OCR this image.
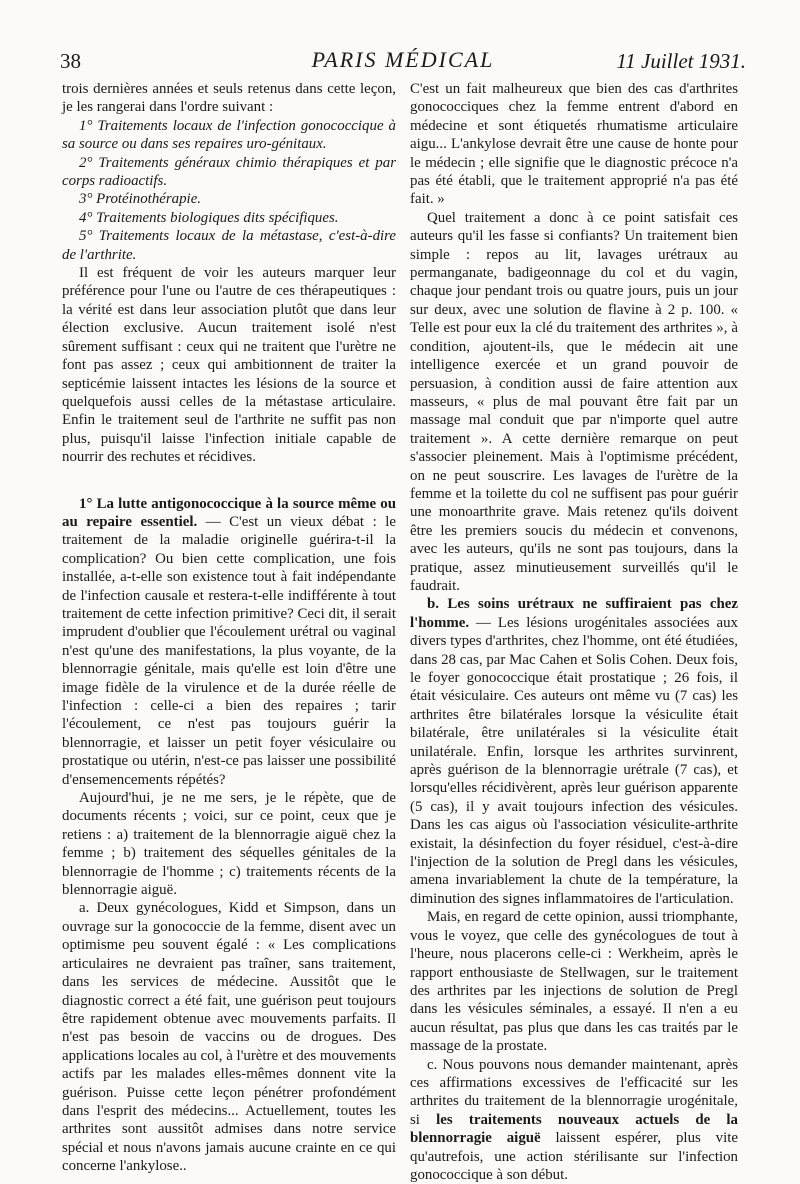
38	PARIS MÉDICAL	11 Juillet 1931.

trois dernières années et seuls retenus dans cette leçon, je les rangerai dans l'ordre suivant :

1° Traitements locaux de l'infection gonococcique à sa source ou dans ses repaires uro-génitaux.

2° Traitements généraux chimio thérapiques et par corps radioactifs.

3° Protéinothérapie.

4° Traitements biologiques dits spécifiques.

5° Traitements locaux de la métastase, c'est-à-dire de l'arthrite.

Il est fréquent de voir les auteurs marquer leur préférence pour l'une ou l'autre de ces thérapeutiques : la vérité est dans leur association plutôt que dans leur élection exclusive. Aucun traitement isolé n'est sûrement suffisant : ceux qui ne traitent que l'urètre ne font pas assez ; ceux qui ambitionnent de traiter la septicémie laissent intactes les lésions de la source et quelquefois aussi celles de la métastase articulaire. Enfin le traitement seul de l'arthrite ne suffit pas non plus, puisqu'il laisse l'infection initiale capable de nourrir des rechutes et récidives.

1° La lutte antigonococcique à la source même ou au repaire essentiel. — C'est un vieux débat : le traitement de la maladie originelle guérira-t-il la complication? Ou bien cette complication, une fois installée, a-t-elle son existence tout à fait indépendante de l'infection causale et restera-t-elle indifférente à tout traitement de cette infection primitive? Ceci dit, il serait imprudent d'oublier que l'écoulement urétral ou vaginal n'est qu'une des manifestations, la plus voyante, de la blennorragie génitale, mais qu'elle est loin d'être une image fidèle de la virulence et de la durée réelle de l'infection : celle-ci a bien des repaires ; tarir l'écoulement, ce n'est pas toujours guérir la blennorragie, et laisser un petit foyer vésiculaire ou prostatique ou utérin, n'est-ce pas laisser une possibilité d'ensemencements répétés?

Aujourd'hui, je ne me sers, je le répète, que de documents récents ; voici, sur ce point, ceux que je retiens : a) traitement de la blennorragie aiguë chez la femme ; b) traitement des séquelles génitales de la blennorragie de l'homme ; c) traitements récents de la blennorragie aiguë.

a. Deux gynécologues, Kidd et Simpson, dans un ouvrage sur la gonococcie de la femme, disent avec un optimisme peu souvent égalé : « Les complications articulaires ne devraient pas traîner, sans traitement, dans les services de médecine. Aussitôt que le diagnostic correct a été fait, une guérison peut toujours être rapidement obtenue avec mouvements parfaits. Il n'est pas besoin de vaccins ou de drogues. Des applications locales au col, à l'urètre et des mouvements actifs par les malades elles-mêmes donnent vite la guérison. Puisse cette leçon pénétrer profondément dans l'esprit des médecins... Actuellement, toutes les arthrites sont aussitôt admises dans notre service spécial et nous n'avons jamais aucune crainte en ce qui concerne l'ankylose..

C'est un fait malheureux que bien des cas d'arthrites gonococciques chez la femme entrent d'abord en médecine et sont étiquetés rhumatisme articulaire aigu... L'ankylose devrait être une cause de honte pour le médecin ; elle signifie que le diagnostic précoce n'a pas été établi, que le traitement approprié n'a pas été fait. »

Quel traitement a donc à ce point satisfait ces auteurs qu'il les fasse si confiants? Un traitement bien simple : repos au lit, lavages urétraux au permanganate, badigeonnage du col et du vagin, chaque jour pendant trois ou quatre jours, puis un jour sur deux, avec une solution de flavine à 2 p. 100. « Telle est pour eux la clé du traitement des arthrites », à condition, ajoutent-ils, que le médecin ait une intelligence exercée et un grand pouvoir de persuasion, à condition aussi de faire attention aux masseurs, « plus de mal pouvant être fait par un massage mal conduit que par n'importe quel autre traitement ». A cette dernière remarque on peut s'associer pleinement. Mais à l'optimisme précédent, on ne peut souscrire. Les lavages de l'urètre de la femme et la toilette du col ne suffisent pas pour guérir une monoarthrite grave. Mais retenez qu'ils doivent être les premiers soucis du médecin et convenons, avec les auteurs, qu'ils ne sont pas toujours, dans la pratique, assez minutieusement surveillés qu'il le faudrait.

b. Les soins urétraux ne suffiraient pas chez l'homme. — Les lésions urogénitales associées aux divers types d'arthrites, chez l'homme, ont été étudiées, dans 28 cas, par Mac Cahen et Solis Cohen. Deux fois, le foyer gonococcique était prostatique ; 26 fois, il était vésiculaire. Ces auteurs ont même vu (7 cas) les arthrites être bilatérales lorsque la vésiculite était bilatérale, être unilatérales si la vésiculite était unilatérale. Enfin, lorsque les arthrites survinrent, après guérison de la blennorragie urétrale (7 cas), et lorsqu'elles récidivèrent, après leur guérison apparente (5 cas), il y avait toujours infection des vésicules. Dans les cas aigus où l'association vésiculite-arthrite existait, la désinfection du foyer résiduel, c'est-à-dire l'injection de la solution de Pregl dans les vésicules, amena invariablement la chute de la température, la diminution des signes inflammatoires de l'articulation.

Mais, en regard de cette opinion, aussi triomphante, vous le voyez, que celle des gynécologues de tout à l'heure, nous placerons celle-ci : Werkheim, après le rapport enthousiaste de Stellwagen, sur le traitement des arthrites par les injections de solution de Pregl dans les vésicules séminales, a essayé. Il n'en a eu aucun résultat, pas plus que dans les cas traités par le massage de la prostate.

c. Nous pouvons nous demander maintenant, après ces affirmations excessives de l'efficacité sur les arthrites du traitement de la blennorragie urogénitale, si les traitements nouveaux actuels de la blennorragie aiguë laissent espérer, plus vite qu'autrefois, une action stérilisante sur l'infection gonococcique à son début.
